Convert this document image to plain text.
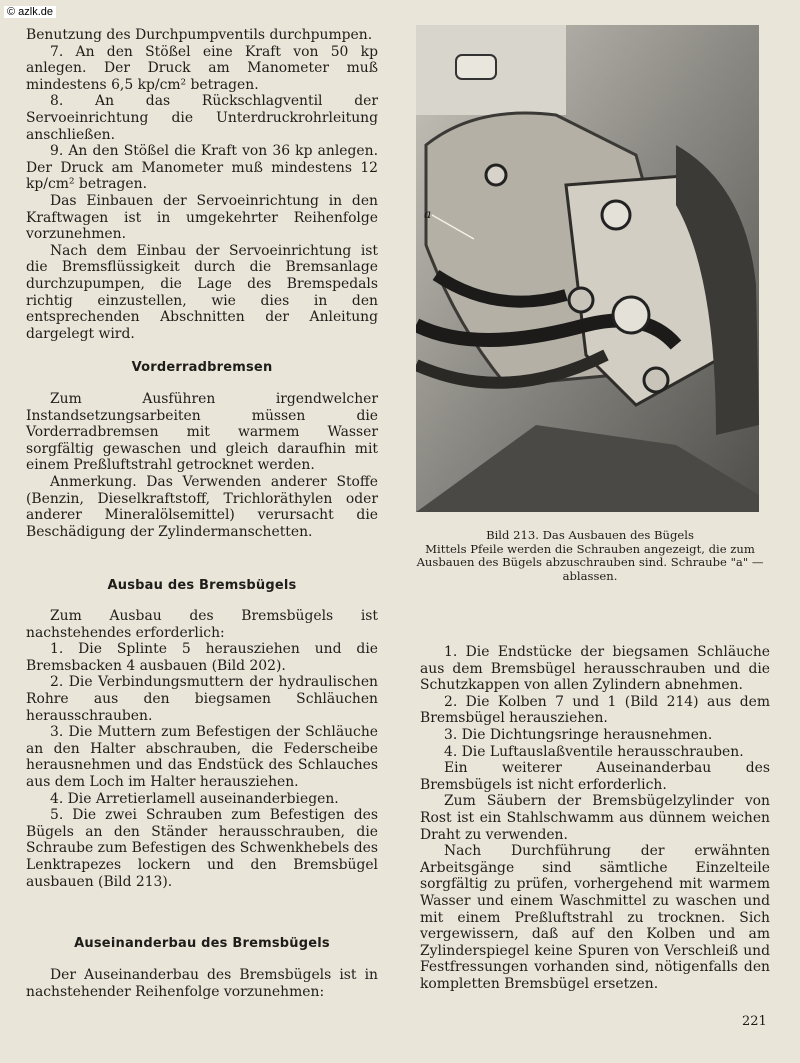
© azlk.de

Benutzung des Durchpumpventils durchpumpen.

7. An den Stößel eine Kraft von 50 kp anlegen. Der Druck am Manometer muß mindestens 6,5 kp/cm² betragen.

8. An das Rückschlagventil der Servoeinrichtung die Unterdruckrohrleitung anschließen.

9. An den Stößel die Kraft von 36 kp anlegen. Der Druck am Manometer muß mindestens 12 kp/cm² betragen.

Das Einbauen der Servoeinrichtung in den Kraftwagen ist in umgekehrter Reihenfolge vorzunehmen.

Nach dem Einbau der Servoeinrichtung ist die Bremsflüssigkeit durch die Bremsanlage durchzupumpen, die Lage des Bremspedals richtig einzustellen, wie dies in den entsprechenden Abschnitten der Anleitung dargelegt wird.

Vorderradbremsen

Zum Ausführen irgendwelcher Instandsetzungsarbeiten müssen die Vorderradbremsen mit warmem Wasser sorgfältig gewaschen und gleich daraufhin mit einem Preßluftstrahl getrocknet werden.

Anmerkung. Das Verwenden anderer Stoffe (Benzin, Dieselkraftstoff, Trichloräthylen oder anderer Mineralölsemittel) verursacht die Beschädigung der Zylindermanschetten.

Ausbau des Bremsbügels

Zum Ausbau des Bremsbügels ist nachstehendes erforderlich:

1. Die Splinte 5 herausziehen und die Bremsbacken 4 ausbauen (Bild 202).

2. Die Verbindungsmuttern der hydraulischen Rohre aus den biegsamen Schläuchen herausschrauben.

3. Die Muttern zum Befestigen der Schläuche an den Halter abschrauben, die Federscheibe herausnehmen und das Endstück des Schlauches aus dem Loch im Halter herausziehen.

4. Die Arretierlamell auseinanderbiegen.

5. Die zwei Schrauben zum Befestigen des Bügels an den Ständer herausschrauben, die Schraube zum Befestigen des Schwenkhebels des Lenktrapezes lockern und den Bremsbügel ausbauen (Bild 213).

Auseinanderbau des Bremsbügels

Der Auseinanderbau des Bremsbügels ist in nachstehender Reihenfolge vorzunehmen:

a
Bild 213. Das Ausbauen des Bügels
Mittels Pfeile werden die Schrauben angezeigt, die zum Ausbauen des Bügels abzuschrauben sind. Schraube "a" — ablassen.

1. Die Endstücke der biegsamen Schläuche aus dem Bremsbügel herausschrauben und die Schutzkappen von allen Zylindern abnehmen.

2. Die Kolben 7 und 1 (Bild 214) aus dem Bremsbügel herausziehen.

3. Die Dichtungsringe herausnehmen.

4. Die Luftauslaßventile herausschrauben.

Ein weiterer Auseinanderbau des Bremsbügels ist nicht erforderlich.

Zum Säubern der Bremsbügelzylinder von Rost ist ein Stahlschwamm aus dünnem weichen Draht zu verwenden.

Nach Durchführung der erwähnten Arbeitsgänge sind sämtliche Einzelteile sorgfältig zu prüfen, vorhergehend mit warmem Wasser und einem Waschmittel zu waschen und mit einem Preßluftstrahl zu trocknen. Sich vergewissern, daß auf den Kolben und am Zylinderspiegel keine Spuren von Verschleiß und Festfressungen vorhanden sind, nötigenfalls den kompletten Bremsbügel ersetzen.

221
